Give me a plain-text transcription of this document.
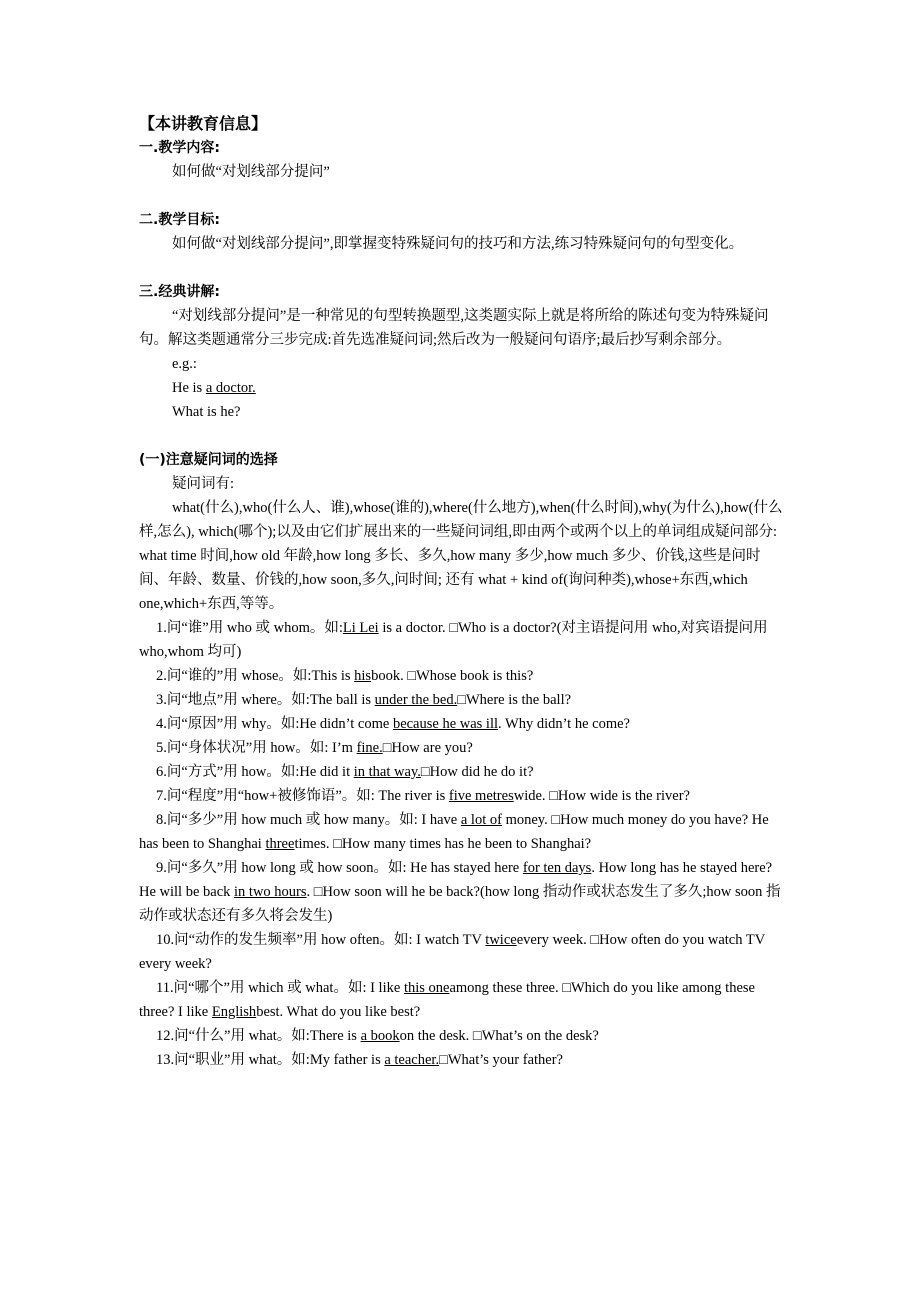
【本讲教育信息】

一.教学内容:

如何做“对划线部分提问”

二.教学目标:

如何做“对划线部分提问”,即掌握变特殊疑问句的技巧和方法,练习特殊疑问句的句型变化。

三.经典讲解:

“对划线部分提问”是一种常见的句型转换题型,这类题实际上就是将所给的陈述句变为特殊疑问句。解这类题通常分三步完成:首先选准疑问词;然后改为一般疑问句语序;最后抄写剩余部分。

e.g.:

He is a doctor.

What is he?

(一)注意疑问词的选择

疑问词有:

what(什么),who(什么人、谁),whose(谁的),where(什么地方),when(什么时间),why(为什么),how(什么样,怎么), which(哪个);以及由它们扩展出来的一些疑问词组,即由两个或两个以上的单词组成疑问部分: what time 时间,how old 年龄,how long 多长、多久,how many 多少,how much 多少、价钱,这些是问时间、年龄、数量、价钱的,how soon,多久,问时间; 还有 what + kind of(询问种类),whose+东西,which one,which+东西,等等。

1.问“谁”用 who 或 whom。如:Li Lei is a doctor. □Who is a doctor?(对主语提问用 who,对宾语提问用 who,whom 均可)

2.问“谁的”用 whose。如:This is hisbook. □Whose book is this?

3.问“地点”用 where。如:The ball is under the bed.□Where is the ball?

4.问“原因”用 why。如:He didn’t come because he was ill. Why didn’t he come?

5.问“身体状况”用 how。如: I’m fine.□How are you?

6.问“方式”用 how。如:He did it in that way.□How did he do it?

7.问“程度”用“how+被修饰语”。如: The river is five metreswide. □How wide is the river?

8.问“多少”用 how much 或 how many。如: I have a lot of money. □How much money do you have? He has been to Shanghai threetimes. □How many times has he been to Shanghai?

9.问“多久”用 how long 或 how soon。如: He has stayed here for ten days. How long has he stayed here? He will be back in two hours. □How soon will he be back?(how long 指动作或状态发生了多久;how soon 指动作或状态还有多久将会发生)

10.问“动作的发生频率”用 how often。如: I watch TV twiceevery week. □How often do you watch TV every week?

11.问“哪个”用 which 或 what。如: I like this oneamong these three. □Which do you like among these three? I like Englishbest. What do you like best?

12.问“什么”用 what。如:There is a bookon the desk. □What’s on the desk?

13.问“职业”用 what。如:My father is a teacher.□What’s your father?
